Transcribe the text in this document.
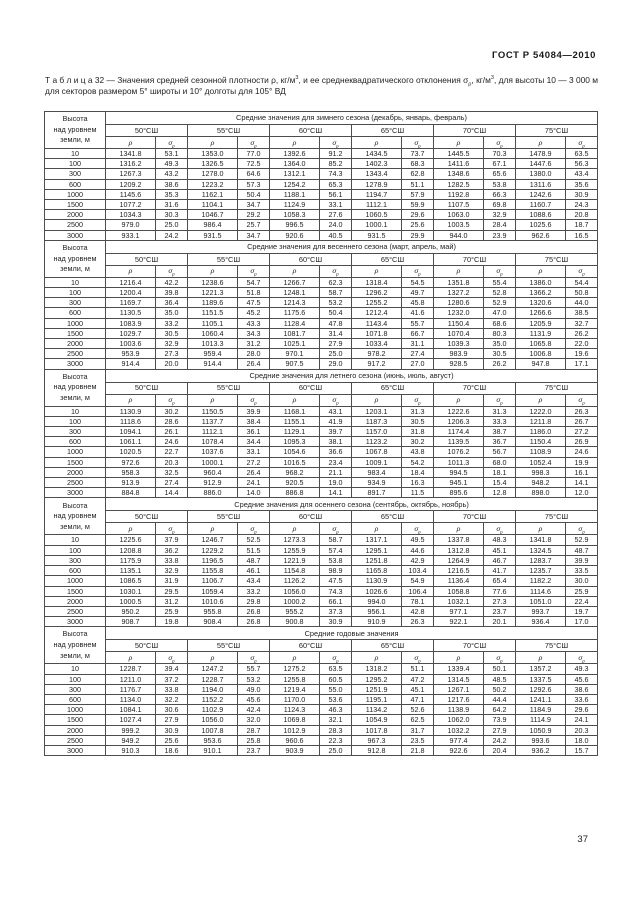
ГОСТ Р 54084—2010
Т а б л и ц а 32 — Значения средней сезонной плотности ρ, $кг/м^3$, и ее среднеквадратического отклонения $\sigma_\rho$, $кг/м^3$, для высоты 10 — 3 000 м для секторов размером 5° широты и 10° долготы для 105° ВД
Высота
над уровнем
земли, м	Средние значения для зимнего сезона (декабрь, январь, февраль)											
	50°СШ		55°СШ		60°СШ		65°СШ		70°СШ		75°СШ	
	ρ	$\sigma_\rho$	ρ	$\sigma_\rho$	ρ	$\sigma_\rho$	ρ	$\sigma_\rho$	ρ	$\sigma_\rho$	ρ	$\sigma_\rho$
10	1341.8	53.1	1353.0	77.0	1392.6	91.2	1434.5	73.7	1445.5	70.3	1478.9	63.5
100	1316.2	49.3	1326.5	72.5	1364.0	85.2	1402.3	68.3	1411.6	67.1	1447.6	56.3
300	1267.3	43.2	1278.0	64.6	1312.1	74.3	1343.4	62.8	1348.6	65.6	1380.0	43.4
600	1209.2	38.6	1223.2	57.3	1254.2	65.3	1278.9	51.1	1282.5	53.8	1311.6	35.6
1000	1145.6	35.3	1162.1	50.4	1188.1	56.1	1194.7	57.9	1192.8	66.3	1242.6	30.9
1500	1077.2	31.6	1104.1	34.7	1124.9	33.1	1112.1	59.9	1107.5	69.8	1160.7	24.3
2000	1034.3	30.3	1046.7	29.2	1058.3	27.6	1060.5	29.6	1063.0	32.9	1088.6	20.8
2500	979.0	25.0	986.4	25.7	996.5	24.0	1000.1	25.6	1003.5	28.4	1025.6	18.7
3000	933.1	24.2	931.5	34.7	920.6	40.5	931.5	29.9	944.0	23.9	962.6	16.5
Высота
над уровнем
земли, м	Средние значения для весеннего сезона (март, апрель, май)											
	50°СШ		55°СШ		60°СШ		65°СШ		70°СШ		75°СШ	
	ρ	$\sigma_\rho$	ρ	$\sigma_\rho$	ρ	$\sigma_\rho$	ρ	$\sigma_\rho$	ρ	$\sigma_\rho$	ρ	$\sigma_\rho$
10	1216.4	42.2	1238.6	54.7	1266.7	62.3	1318.4	54.5	1351.8	55.4	1386.0	54.4
100	1200.4	39.8	1221.3	51.8	1248.1	58.7	1296.2	49.7	1327.2	52.8	1366.2	50.8
300	1169.7	36.4	1189.6	47.5	1214.3	53.2	1255.2	45.8	1280.6	52.9	1320.6	44.0
600	1130.5	35.0	1151.5	45.2	1175.6	50.4	1212.4	41.6	1232.0	47.0	1266.6	38.5
1000	1083.9	33.2	1105.1	43.3	1128.4	47.8	1143.4	55.7	1150.4	68.6	1205.9	32.7
1500	1029.7	30.5	1060.4	34.3	1081.7	31.4	1071.8	66.7	1070.4	80.3	1131.9	26.2
2000	1003.6	32.9	1013.3	31.2	1025.1	27.9	1033.4	31.1	1039.3	35.0	1065.8	22.0
2500	953.9	27.3	959.4	28.0	970.1	25.0	978.2	27.4	983.9	30.5	1006.8	19.6
3000	914.4	20.0	914.4	26.4	907.5	29.0	917.2	27.0	928.5	26.2	947.8	17.1
Высота
над уровнем
земли, м	Средние значения для летнего сезона (июнь, июль, август)											
	50°СШ		55°СШ		60°СШ		65°СШ		70°СШ		75°СШ	
	ρ	$\sigma_\rho$	ρ	$\sigma_\rho$	ρ	$\sigma_\rho$	ρ	$\sigma_\rho$	ρ	$\sigma_\rho$	ρ	$\sigma_\rho$
10	1130.9	30.2	1150.5	39.9	1168.1	43.1	1203.1	31.3	1222.6	31.3	1222.0	26.3
100	1118.6	28.6	1137.7	38.4	1155.1	41.9	1187.3	30.5	1206.3	33.3	1211.8	26.7
300	1094.1	26.1	1112.1	36.1	1129.1	39.7	1157.0	31.8	1174.4	38.7	1186.0	27.2
600	1061.1	24.6	1078.4	34.4	1095.3	38.1	1123.2	30.2	1139.5	36.7	1150.4	26.9
1000	1020.5	22.7	1037.6	33.1	1054.6	36.6	1067.8	43.8	1076.2	56.7	1108.9	24.6
1500	972.6	20.3	1000.1	27.2	1016.5	23.4	1009.1	54.2	1011.3	68.0	1052.4	19.9
2000	958.3	32.5	960.4	26.4	968.2	21.1	983.4	18.4	994.5	18.1	998.3	16.1
2500	913.9	27.4	912.9	24.1	920.5	19.0	934.9	16.3	945.1	15.4	948.2	14.1
3000	884.8	14.4	886.0	14.0	886.8	14.1	891.7	11.5	895.6	12.8	898.0	12.0
Высота
над уровнем
земли, м	Средние значения для осеннего сезона (сентябрь, октябрь, ноябрь)											
	50°СШ		55°СШ		60°СШ		65°СШ		70°СШ		75°СШ	
	ρ	$\sigma_\rho$	ρ	$\sigma_\rho$	ρ	$\sigma_\rho$	ρ	$\sigma_\rho$	ρ	$\sigma_\rho$	ρ	$\sigma_\rho$
10	1225.6	37.9	1246.7	52.5	1273.3	58.7	1317.1	49.5	1337.8	48.3	1341.8	52.9
100	1208.8	36.2	1229.2	51.5	1255.9	57.4	1295.1	44.6	1312.8	45.1	1324.5	48.7
300	1175.9	33.8	1196.5	48.7	1221.9	53.8	1251.8	42.9	1264.9	46.7	1283.7	39.9
600	1135.1	32.9	1155.8	46.1	1154.8	98.9	1165.8	103.4	1216.5	41.7	1235.7	33.5
1000	1086.5	31.9	1106.7	43.4	1126.2	47.5	1130.9	54.9	1136.4	65.4	1182.2	30.0
1500	1030.1	29.5	1059.4	33.2	1056.0	74.3	1026.6	106.4	1058.8	77.6	1114.6	25.9
2000	1000.5	31.2	1010.6	29.8	1000.2	66.1	994.0	78.1	1032.1	27.3	1051.0	22.4
2500	950.2	25.9	955.8	26.8	955.2	37.3	956.1	42.8	977.1	23.7	993.7	19.7
3000	908.7	19.8	908.4	26.8	900.8	30.9	910.9	26.3	922.1	20.1	936.4	17.0
Высота
над уровнем
земли, м	Средние годовые значения											
	50°СШ		55°СШ		60°СШ		65°СШ		70°СШ		75°СШ	
	ρ	$\sigma_\rho$	ρ	$\sigma_\rho$	ρ	$\sigma_\rho$	ρ	$\sigma_\rho$	ρ	$\sigma_\rho$	ρ	$\sigma_\rho$
10	1228.7	39.4	1247.2	55.7	1275.2	63.5	1318.2	51.1	1339.4	50.1	1357.2	49.3
100	1211.0	37.2	1228.7	53.2	1255.8	60.5	1295.2	47.2	1314.5	48.5	1337.5	45.6
300	1176.7	33.8	1194.0	49.0	1219.4	55.0	1251.9	45.1	1267.1	50.2	1292.6	38.6
600	1134.0	32.2	1152.2	45.6	1170.0	53.6	1195.1	47.1	1217.6	44.4	1241.1	33.6
1000	1084.1	30.6	1102.9	42.4	1124.3	46.3	1134.2	52.6	1138.9	64.2	1184.9	29.6
1500	1027.4	27.9	1056.0	32.0	1069.8	32.1	1054.9	62.5	1062.0	73.9	1114.9	24.1
2000	999.2	30.9	1007.8	28.7	1012.9	28.3	1017.8	31.7	1032.2	27.9	1050.9	20.3
2500	949.2	25.6	953.6	25.8	960.6	22.3	967.3	23.5	977.4	24.2	993.6	18.0
3000	910.3	18.6	910.1	23.7	903.9	25.0	912.8	21.8	922.6	20.4	936.2	15.7
37
